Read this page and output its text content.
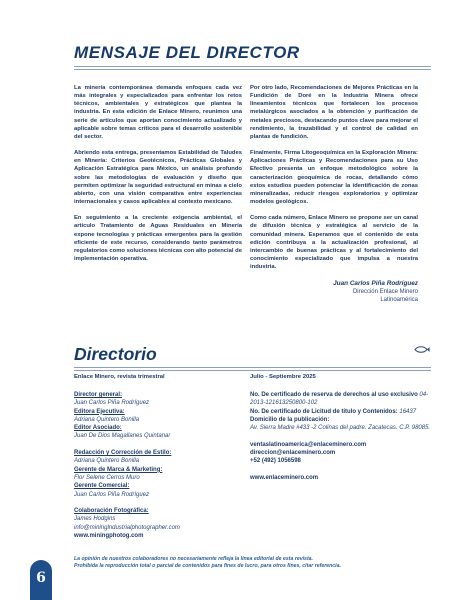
MENSAJE DEL DIRECTOR

La minería contemporánea demanda enfoques cada vez más integrales y especializados para enfrentar los retos técnicos, ambientales y estratégicos que plantea la industria. En esta edición de Enlace Minero, reunimos una serie de artículos que aportan conocimiento actualizado y aplicable sobre temas críticos para el desarrollo sostenible del sector.

Abriendo esta entrega, presentamos Estabilidad de Taludes en Minería: Criterios Geotécnicos, Prácticas Globales y Aplicación Estratégica para México, un análisis profundo sobre las metodologías de evaluación y diseño que permiten optimizar la seguridad estructural en minas a cielo abierto, con una visión comparativa entre experiencias internacionales y casos aplicables al contexto mexicano.

En seguimiento a la creciente exigencia ambiental, el artículo Tratamiento de Aguas Residuales en Minería expone tecnologías y prácticas emergentes para la gestión eficiente de este recurso, considerando tanto parámetros regulatorios como soluciones técnicas con alto potencial de implementación operativa.

Por otro lado, Recomendaciones de Mejores Prácticas en la Fundición de Doré en la Industria Minera ofrece lineamientos técnicos que fortalecen los procesos metalúrgicos asociados a la obtención y purificación de metales preciosos, destacando puntos clave para mejorar el rendimiento, la trazabilidad y el control de calidad en plantas de fundición.

Finalmente, Firma Litogeoquímica en la Exploración Minera: Aplicaciones Prácticas y Recomendaciones para su Uso Efectivo presenta un enfoque metodológico sobre la caracterización geoquímica de rocas, detallando cómo estos estudios pueden potenciar la identificación de zonas mineralizadas, reducir riesgos exploratorios y optimizar modelos geológicos.

Como cada número, Enlace Minero se propone ser un canal de difusión técnica y estratégica al servicio de la comunidad minera. Esperamos que el contenido de esta edición contribuya a la actualización profesional, al intercambio de buenas prácticas y al fortalecimiento del conocimiento especializado que impulsa a nuestra industria.

Juan Carlos Piña Rodríguez
Dirección Enlace Minero
Latinoamérica
Directorio
Enlace Minero, revista trimestral	Julio - Septiembre 2025
Director general:
Juan Carlos Piña Rodríguez
Editora Ejecutiva:
Adriana Quintero Bonilla
Editor Asociado:
Juan De Dios Magallanes Quintanar
Redacción y Corrección de Estilo:
Adriana Quintero Bonilla
Gerente de Marca & Marketing:
Flor Selene Cerros Muro
Gerente Comercial:
Juan Carlos Piña Rodríguez
Colaboración Fotográfica:
James Hodgins
info@mininglndustrialphotographer.com
www.miningphotog.com
No. De certificado de reserva de derechos al uso exclusivo 04-2013-121613250800-102
No. De certificado de Licitud de título y Contenidos: 16437
Domicilio de la publicación:
Av. Sierra Madre #433 -2 Colinas del padre. Zacatecas. C.P. 98085.
ventaslatinoamerica@enlaceminero.com
direccion@enlaceminero.com
+52 (492) 1056598
www.enlaceminero.com
La opinión de nuestros colaboradores no necesariamente refleja la línea editorial de esta revista.
Prohibida la reproducción total o parcial de contenidos para fines de lucro, para otros fines, citar referencia.
6
